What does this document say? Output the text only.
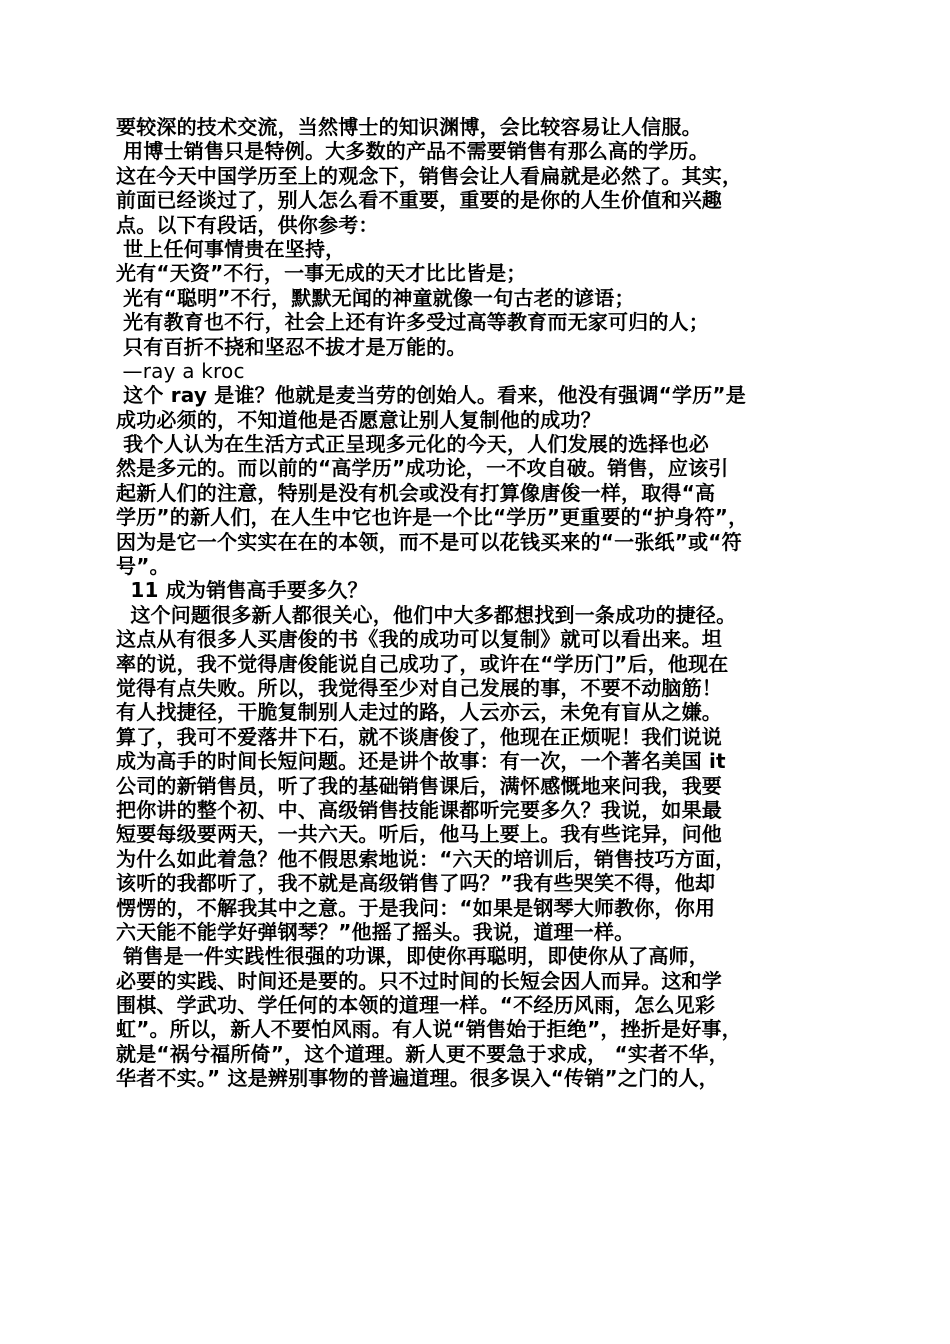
要较深的技术交流，当然博士的知识渊博，会比较容易让人信服。
用博士销售只是特例。大多数的产品不需要销售有那么高的学历。
这在今天中国学历至上的观念下，销售会让人看扁就是必然了。其实，
前面已经谈过了，别人怎么看不重要，重要的是你的人生价值和兴趣
点。以下有段话，供你参考：
世上任何事情贵在坚持，
光有“天资”不行，一事无成的天才比比皆是；
光有“聪明”不行，默默无闻的神童就像一句古老的谚语；
光有教育也不行，社会上还有许多受过高等教育而无家可归的人；
只有百折不挠和坚忍不拔才是万能的。
—ray a kroc
这个 ray 是谁？他就是麦当劳的创始人。看来，他没有强调“学历”是
成功必须的，不知道他是否愿意让别人复制他的成功？
我个人认为在生活方式正呈现多元化的今天，人们发展的选择也必
然是多元的。而以前的“高学历”成功论，一不攻自破。销售，应该引
起新人们的注意，特别是没有机会或没有打算像唐俊一样，取得“高
学历”的新人们，在人生中它也许是一个比“学历”更重要的“护身符”，
因为是它一个实实在在的本领，而不是可以花钱买来的“一张纸”或“符
号”。
11 成为销售高手要多久？
这个问题很多新人都很关心，他们中大多都想找到一条成功的捷径。
这点从有很多人买唐俊的书《我的成功可以复制》就可以看出来。坦
率的说，我不觉得唐俊能说自己成功了，或许在“学历门”后，他现在
觉得有点失败。所以，我觉得至少对自己发展的事，不要不动脑筋！
有人找捷径，干脆复制别人走过的路，人云亦云，未免有盲从之嫌。
算了，我可不爱落井下石，就不谈唐俊了，他现在正烦呢！我们说说
成为高手的时间长短问题。还是讲个故事：有一次，一个著名美国 it
公司的新销售员，听了我的基础销售课后，满怀感慨地来问我，我要
把你讲的整个初、中、高级销售技能课都听完要多久？我说，如果最
短要每级要两天，一共六天。听后，他马上要上。我有些诧异，问他
为什么如此着急？他不假思索地说：“六天的培训后，销售技巧方面，
该听的我都听了，我不就是高级销售了吗？”我有些哭笑不得，他却
愣愣的，不解我其中之意。于是我问：“如果是钢琴大师教你，你用
六天能不能学好弹钢琴？”他摇了摇头。我说，道理一样。
销售是一件实践性很强的功课，即使你再聪明，即使你从了高师，
必要的实践、时间还是要的。只不过时间的长短会因人而异。这和学
围棋、学武功、学任何的本领的道理一样。“不经历风雨，怎么见彩
虹”。所以，新人不要怕风雨。有人说“销售始于拒绝”，挫折是好事，
就是“祸兮福所倚”，这个道理。新人更不要急于求成， “实者不华，
华者不实。” 这是辨别事物的普遍道理。很多误入“传销”之门的人，
